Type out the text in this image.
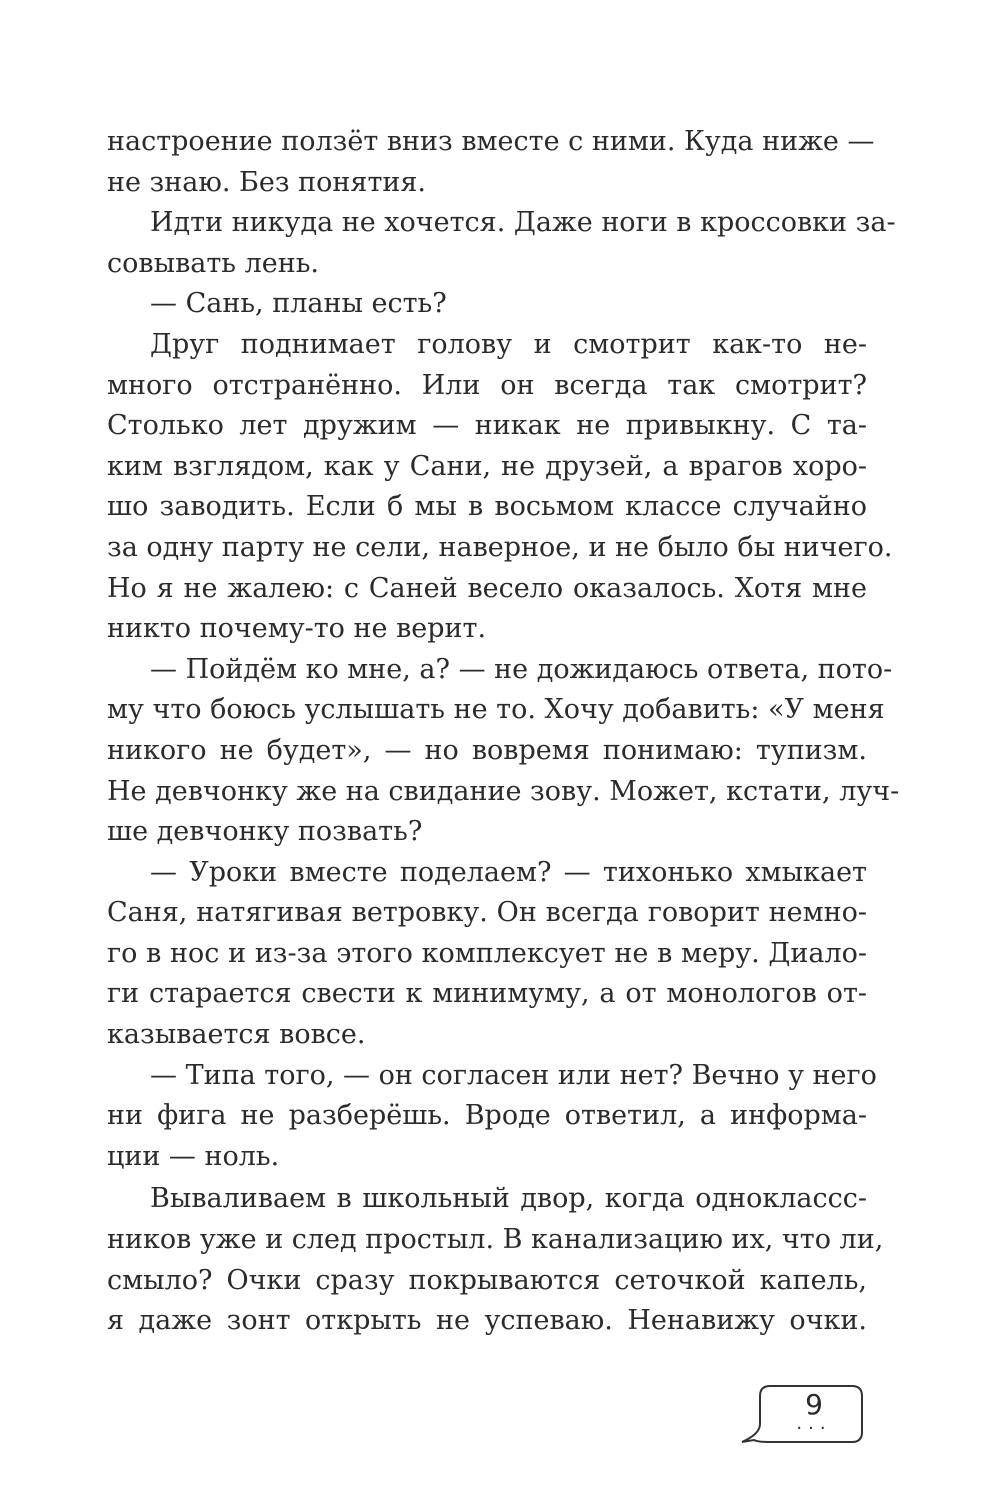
настроение ползёт вниз вместе с ними. Куда ниже —
не знаю. Без понятия.
Идти никуда не хочется. Даже ноги в кроссовки за-
совывать лень.
— Сань, планы есть?
Друг поднимает голову и смотрит как-то не-
много отстранённо. Или он всегда так смотрит?
Столько лет дружим — никак не привыкну. С та-
ким взглядом, как у Сани, не друзей, а врагов хоро-
шо заводить. Если б мы в восьмом классе случайно
за одну парту не сели, наверное, и не было бы ничего.
Но я не жалею: с Саней весело оказалось. Хотя мне
никто почему-то не верит.
— Пойдём ко мне, а? — не дожидаюсь ответа, пото-
му что боюсь услышать не то. Хочу добавить: «У меня
никого не будет», — но вовремя понимаю: тупизм.
Не девчонку же на свидание зову. Может, кстати, луч-
ше девчонку позвать?
— Уроки вместе поделаем? — тихонько хмыкает
Саня, натягивая ветровку. Он всегда говорит немно-
го в нос и из-за этого комплексует не в меру. Диало-
ги старается свести к минимуму, а от монологов от-
казывается вовсе.
— Типа того, — он согласен или нет? Вечно у него
ни фига не разберёшь. Вроде ответил, а информа-
ции — ноль.
Вываливаем в школьный двор, когда одноклассс-
ников уже и след простыл. В канализацию их, что ли,
смыло? Очки сразу покрываются сеточкой капель,
я даже зонт открыть не успеваю. Ненавижу очки.
9
...
